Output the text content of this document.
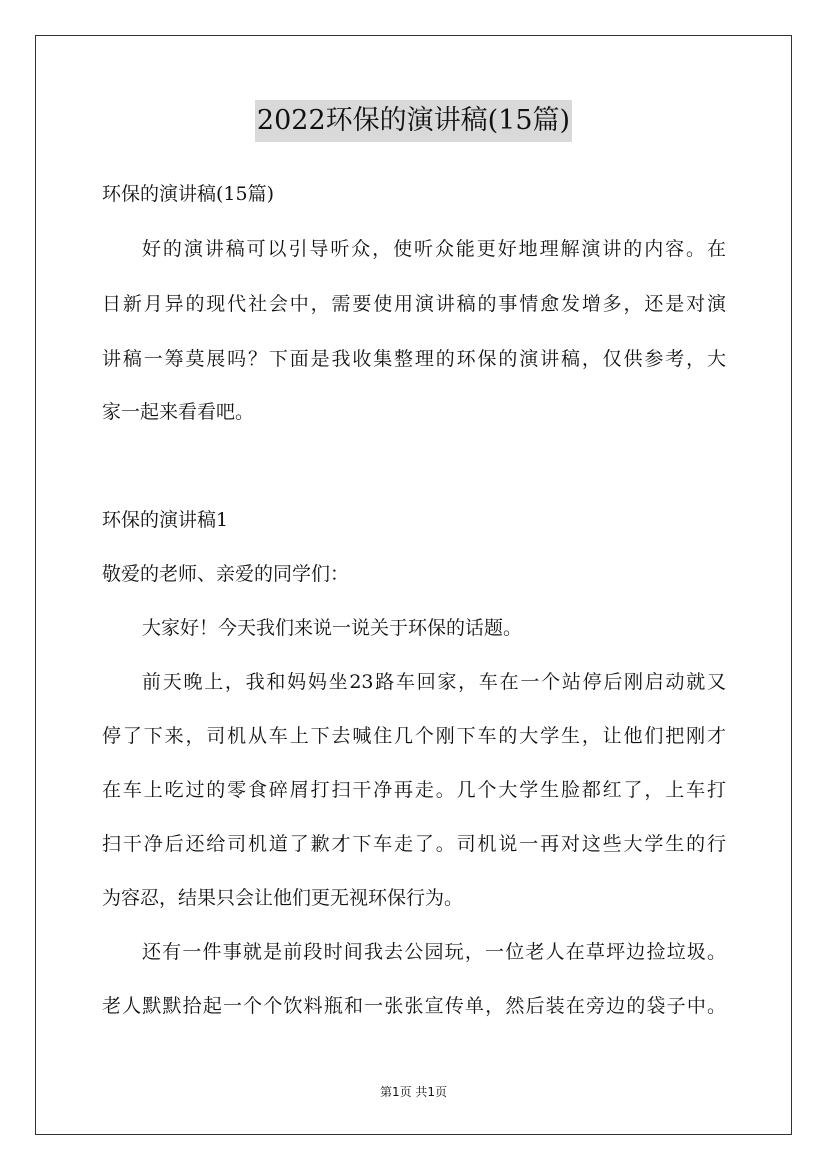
2022环保的演讲稿(15篇)
环保的演讲稿(15篇)
好的演讲稿可以引导听众，使听众能更好地理解演讲的内容。在
日新月异的现代社会中，需要使用演讲稿的事情愈发增多，还是对演
讲稿一筹莫展吗？下面是我收集整理的环保的演讲稿，仅供参考，大
家一起来看看吧。
环保的演讲稿1
敬爱的老师、亲爱的同学们：
大家好！今天我们来说一说关于环保的话题。
前天晚上，我和妈妈坐23路车回家，车在一个站停后刚启动就又
停了下来，司机从车上下去喊住几个刚下车的大学生，让他们把刚才
在车上吃过的零食碎屑打扫干净再走。几个大学生脸都红了，上车打
扫干净后还给司机道了歉才下车走了。司机说一再对这些大学生的行
为容忍，结果只会让他们更无视环保行为。
还有一件事就是前段时间我去公园玩，一位老人在草坪边捡垃圾。
老人默默拾起一个个饮料瓶和一张张宣传单，然后装在旁边的袋子中。
第1页 共1页
